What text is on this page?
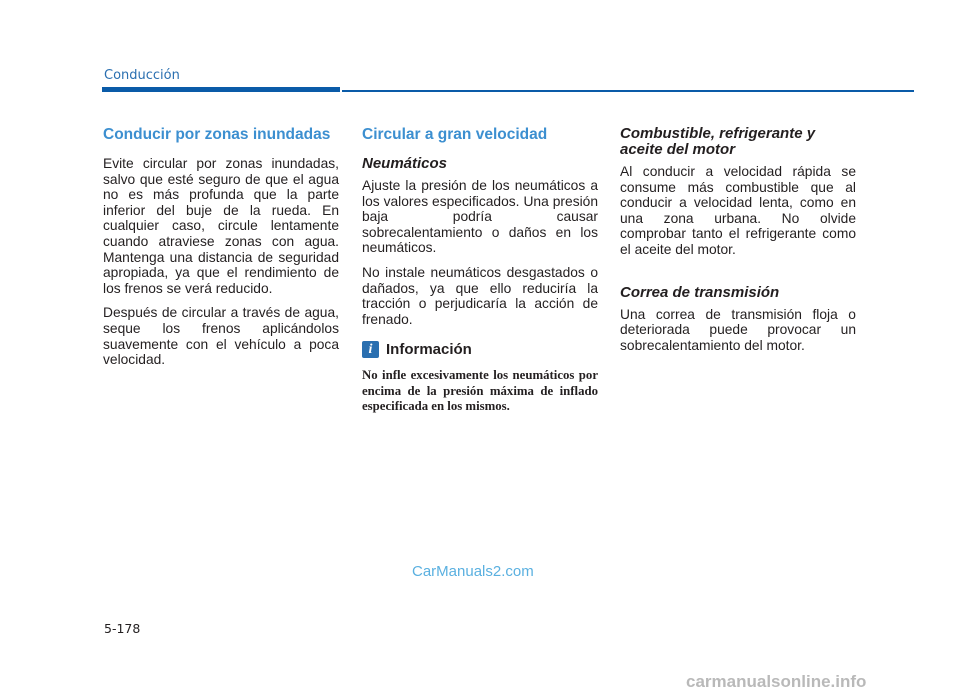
Conducción
Conducir por zonas inundadas

Evite circular por zonas inundadas, salvo que esté seguro de que el agua no es más profunda que la parte inferior del buje de la rueda. En cualquier caso, circule lentamente cuando atraviese zonas con agua. Mantenga una distancia de seguridad apropiada, ya que el rendimiento de los frenos se verá reducido.

Después de circular a través de agua, seque los frenos aplicándolos suavemente con el vehículo a poca velocidad.

Circular a gran velocidad
Neumáticos

Ajuste la presión de los neumáticos a los valores especificados. Una presión baja podría causar sobrecalentamiento o daños en los neumáticos.

No instale neumáticos desgastados o dañados, ya que ello reduciría la tracción o perjudicaría la acción de frenado.

i Información

No infle excesivamente los neumáticos por encima de la presión máxima de inflado especificada en los mismos.

Combustible, refrigerante y
aceite del motor

Al conducir a velocidad rápida se consume más combustible que al conducir a velocidad lenta, como en una zona urbana. No olvide comprobar tanto el refrigerante como el aceite del motor.

Correa de transmisión

Una correa de transmisión floja o deteriorada puede provocar un sobrecalentamiento del motor.

CarManuals2.com
5-178
carmanualsonline.info
